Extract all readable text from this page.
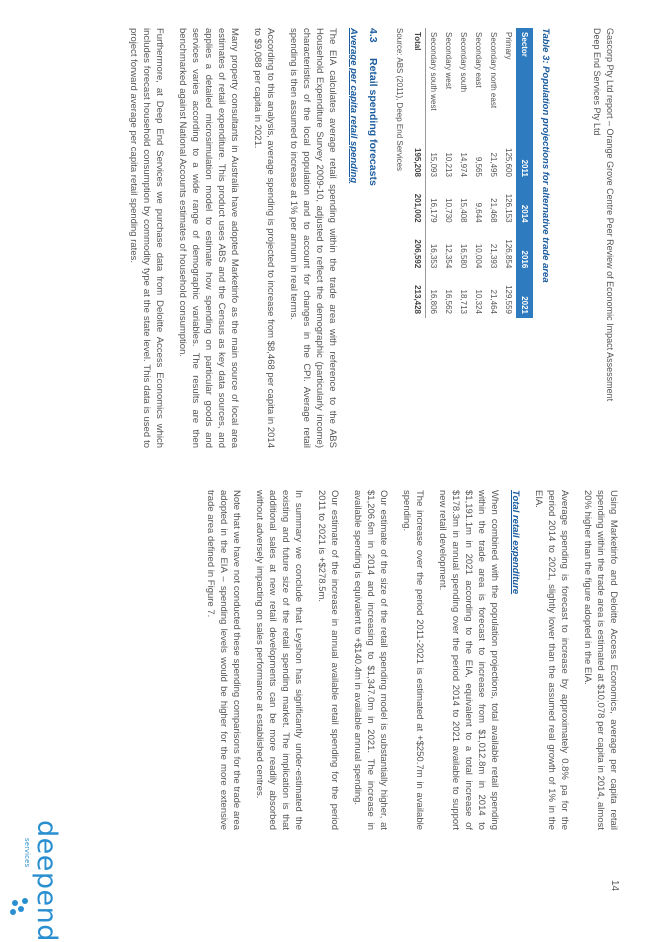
Gascorp Pty Ltd report – Orange Grove Centre Peer Review of Economic Impact Assessment
Deep End Services Pty Ltd
Table 3: Population projections for alternative trade area
Sector	2011	2014	2016	2021
Primary	125,600	126,153	126,854	129,559
Secondary north east	21,495	21,468	21,393	21,464
Secondary east	9,565	9,644	10,004	10,324
Secondary south	14,974	15,408	16,580	18,713
Secondary west	10,213	10,730	12,354	16,562
Secondary south west	15,093	16,179	16,353	16,806
Total	195,208	201,002	206,592	213,428
Source: ABS (2011), Deep End Services
4.3Retail spending forecasts
Average per capita retail spending

The EIA calculates average retail spending within the trade area with reference to the ABS Household Expenditure Survey 2009-10, adjusted to reflect the demographic (particularly income) characteristics of the local population and to account for changes in the CPI. Average retail spending is then assumed to increase at 1% per annum in real terms.

According to this analysis, average spending is projected to increase from $8,468 per capita in 2014 to $9,088 per capita in 2021.

Many property consultants in Australia have adopted Marketinfo as the main source of local area estimates of retail expenditure. This product uses ABS and the Census as key data sources, and applies a detailed microsimulation model to estimate how spending on particular goods and services varies according to a wide range of demographic variables. The results are then benchmarked against National Accounts estimates of household consumption.

Furthermore, at Deep End Services we purchase data from Deloitte Access Economics which includes forecast household consumption by commodity type at the state level. This data is used to project forward average per capita retail spending rates.

Using Marketinfo and Deloitte Access Economics, average per capita retail spending within the trade area is estimated at $10,078 per capita in 2014, almost 20% higher than the figure adopted in the EIA.

Average spending is forecast to increase by approximately 0.8% pa for the period 2014 to 2021, slightly lower than the assumed real growth of 1% in the EIA.

Total retail expenditure

When combined with the population projections, total available retail spending within the trade area is forecast to increase from $1,012.8m in 2014 to $1,191.1m in 2021 according to the EIA, equivalent to a total increase of $178.3m in annual spending over the period 2014 to 2021 available to support new retail development.

The increase over the period 2011-2021 is estimated at +$250.7m in available spending.

Our estimate of the size of the retail spending model is substantially higher, at $1,206.6m in 2014 and increasing to $1,347.0m in 2021. The increase in available spending is equivalent to +$140.4m in available annual spending.

Our estimate of the increase in annual available retail spending for the period 2011 to 2021 is +$278.5m.

In summary we conclude that Leyshon has significantly under-estimated the existing and future size of the retail spending market. The implication is that additional sales at new retail developments can be more readily absorbed without adversely impacting on sales performance at established centres.

Note that we have not conducted these spending comparisons for the trade area adopted in the EIA – spending levels would be higher for the more extensive trade area defined in Figure 7.

14
deepend
services
